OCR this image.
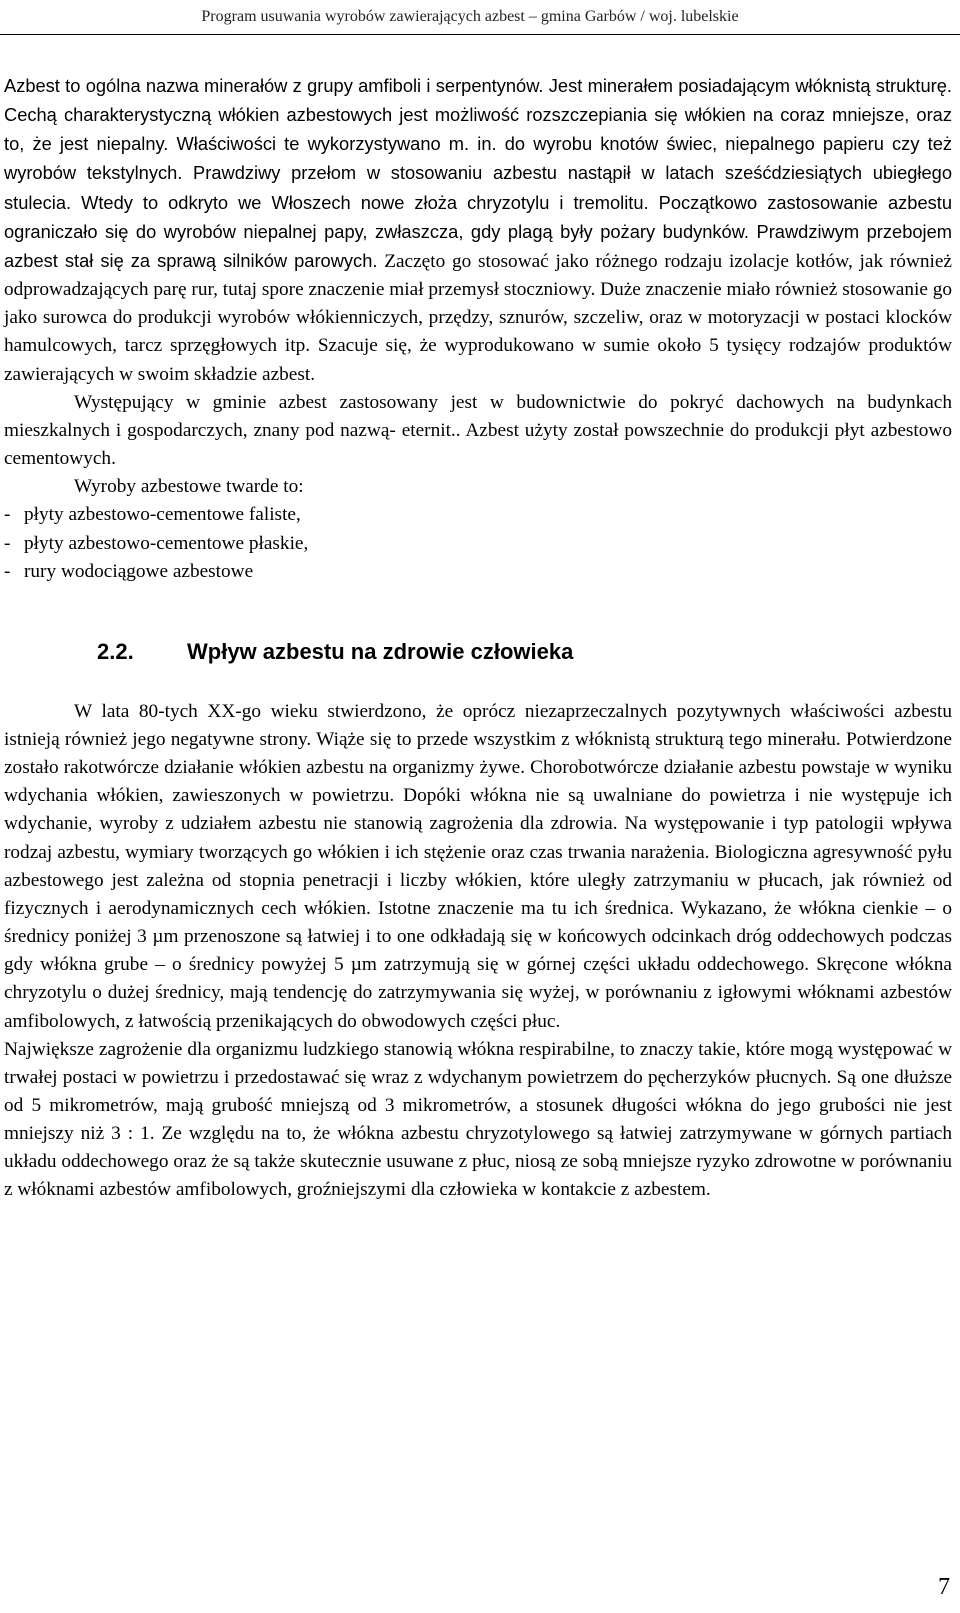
Program usuwania wyrobów zawierających azbest – gmina Garbów / woj. lubelskie

Azbest to ogólna nazwa minerałów z grupy amfiboli i serpentynów. Jest minerałem posiadającym włóknistą strukturę. Cechą charakterystyczną włókien azbestowych jest możliwość rozszczepiania się włókien na coraz mniejsze, oraz to, że jest niepalny. Właściwości te wykorzystywano m. in. do wyrobu knotów świec, niepalnego papieru czy też wyrobów tekstylnych. Prawdziwy przełom w stosowaniu azbestu nastąpił w latach sześćdziesiątych ubiegłego stulecia. Wtedy to odkryto we Włoszech nowe złoża chryzotylu i tremolitu. Początkowo zastosowanie azbestu ograniczało się do wyrobów niepalnej papy, zwłaszcza, gdy plagą były pożary budynków. Prawdziwym przebojem azbest stał się za sprawą silników parowych. Zaczęto go stosować jako różnego rodzaju izolacje kotłów, jak również odprowadzających parę rur, tutaj spore znaczenie miał przemysł stoczniowy. Duże znaczenie miało również stosowanie go jako surowca do produkcji wyrobów włókienniczych, przędzy, sznurów, szczeliw, oraz w motoryzacji w postaci klocków hamulcowych, tarcz sprzęgłowych itp. Szacuje się, że wyprodukowano w sumie około 5 tysięcy rodzajów produktów zawierających w swoim składzie azbest.

Występujący w gminie azbest zastosowany jest w budownictwie do pokryć dachowych na budynkach mieszkalnych i gospodarczych, znany pod nazwą- eternit.. Azbest użyty został powszechnie do produkcji płyt azbestowo cementowych.

Wyroby azbestowe twarde to:

- płyty azbestowo-cementowe faliste,
- płyty azbestowo-cementowe płaskie,
- rury wodociągowe azbestowe
2.2. Wpływ azbestu na zdrowie człowieka

W lata 80-tych XX-go wieku stwierdzono, że oprócz niezaprzeczalnych pozytywnych właściwości azbestu istnieją również jego negatywne strony. Wiąże się to przede wszystkim z włóknistą strukturą tego minerału. Potwierdzone zostało rakotwórcze działanie włókien azbestu na organizmy żywe. Chorobotwórcze działanie azbestu powstaje w wyniku wdychania włókien, zawieszonych w powietrzu. Dopóki włókna nie są uwalniane do powietrza i nie występuje ich wdychanie, wyroby z udziałem azbestu nie stanowią zagrożenia dla zdrowia. Na występowanie i typ patologii wpływa rodzaj azbestu, wymiary tworzących go włókien i ich stężenie oraz czas trwania narażenia. Biologiczna agresywność pyłu azbestowego jest zależna od stopnia penetracji i liczby włókien, które uległy zatrzymaniu w płucach, jak również od fizycznych i aerodynamicznych cech włókien. Istotne znaczenie ma tu ich średnica. Wykazano, że włókna cienkie – o średnicy poniżej 3 µm przenoszone są łatwiej i to one odkładają się w końcowych odcinkach dróg oddechowych podczas gdy włókna grube – o średnicy powyżej 5 µm zatrzymują się w górnej części układu oddechowego. Skręcone włókna chryzotylu o dużej średnicy, mają tendencję do zatrzymywania się wyżej, w porównaniu z igłowymi włóknami azbestów amfibolowych, z łatwością przenikających do obwodowych części płuc.

Największe zagrożenie dla organizmu ludzkiego stanowią włókna respirabilne, to znaczy takie, które mogą występować w trwałej postaci w powietrzu i przedostawać się wraz z wdychanym powietrzem do pęcherzyków płucnych. Są one dłuższe od 5 mikrometrów, mają grubość mniejszą od 3 mikrometrów, a stosunek długości włókna do jego grubości nie jest mniejszy niż 3 : 1. Ze względu na to, że włókna azbestu chryzotylowego są łatwiej zatrzymywane w górnych partiach układu oddechowego oraz że są także skutecznie usuwane z płuc, niosą ze sobą mniejsze ryzyko zdrowotne w porównaniu z włóknami azbestów amfibolowych, groźniejszymi dla człowieka w kontakcie z azbestem.

7
